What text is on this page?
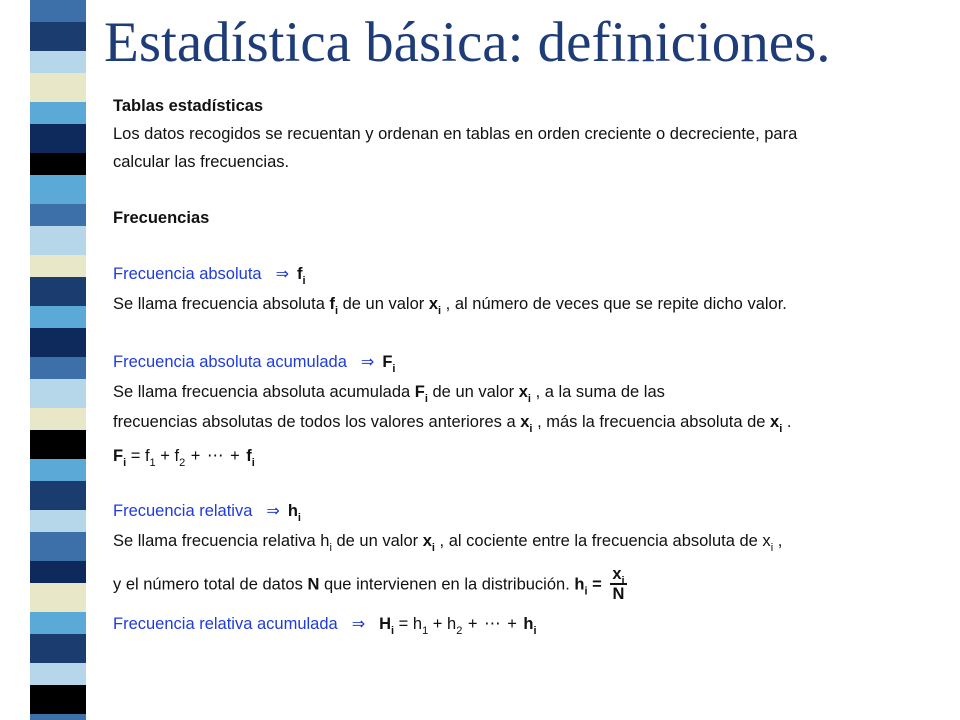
Estadística básica: definiciones.
Tablas estadísticas
Los datos recogidos se recuentan y ordenan en tablas en orden creciente o decreciente, para
calcular las frecuencias.
Frecuencias
Frecuencia absoluta ⇒ $f_i$
Se llama frecuencia absoluta $f_i$ de un valor $x_i$ , al número de veces que se repite dicho valor.
Frecuencia absoluta acumulada ⇒ $F_i$
Se llama frecuencia absoluta acumulada $F_i$ de un valor $x_i$ , a la suma de las
frecuencias absolutas de todos los valores anteriores a $x_i$ , más la frecuencia absoluta de $x_i$ .
$F_i = f_1 + f_2$ + ⋯ + $f_i$
Frecuencia relativa ⇒ $h_i$
Se llama frecuencia relativa $h_i$ de un valor $x_i$ , al cociente entre la frecuencia absoluta de $x_i$ ,
y el número total de datos N que intervienen en la distribución. $h_i = \frac{x_i}{N}$
Frecuencia relativa acumulada ⇒ $H_i = h_1 + h_2$ + ⋯ + $h_i$
